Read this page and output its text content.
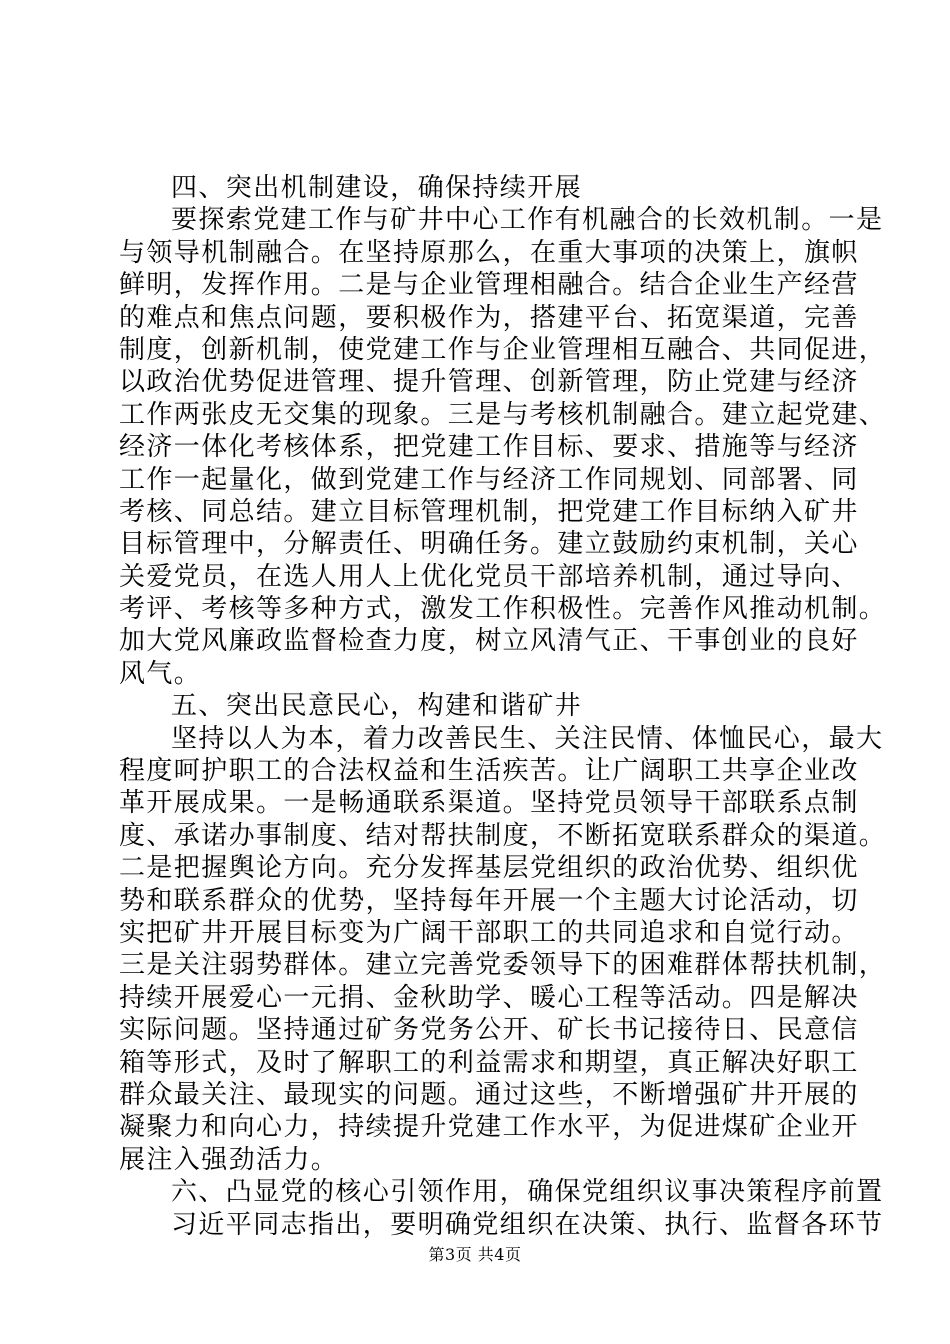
四、突出机制建设，确保持续开展
要探索党建工作与矿井中心工作有机融合的长效机制。一是
与领导机制融合。在坚持原那么，在重大事项的决策上，旗帜
鲜明，发挥作用。二是与企业管理相融合。结合企业生产经营
的难点和焦点问题，要积极作为，搭建平台、拓宽渠道，完善
制度，创新机制，使党建工作与企业管理相互融合、共同促进，
以政治优势促进管理、提升管理、创新管理，防止党建与经济
工作两张皮无交集的现象。三是与考核机制融合。建立起党建、
经济一体化考核体系，把党建工作目标、要求、措施等与经济
工作一起量化，做到党建工作与经济工作同规划、同部署、同
考核、同总结。建立目标管理机制，把党建工作目标纳入矿井
目标管理中，分解责任、明确任务。建立鼓励约束机制，关心
关爱党员，在选人用人上优化党员干部培养机制，通过导向、
考评、考核等多种方式，激发工作积极性。完善作风推动机制。
加大党风廉政监督检查力度，树立风清气正、干事创业的良好
风气。
五、突出民意民心，构建和谐矿井
坚持以人为本，着力改善民生、关注民情、体恤民心，最大
程度呵护职工的合法权益和生活疾苦。让广阔职工共享企业改
革开展成果。一是畅通联系渠道。坚持党员领导干部联系点制
度、承诺办事制度、结对帮扶制度，不断拓宽联系群众的渠道。
二是把握舆论方向。充分发挥基层党组织的政治优势、组织优
势和联系群众的优势，坚持每年开展一个主题大讨论活动，切
实把矿井开展目标变为广阔干部职工的共同追求和自觉行动。
三是关注弱势群体。建立完善党委领导下的困难群体帮扶机制，
持续开展爱心一元捐、金秋助学、暖心工程等活动。四是解决
实际问题。坚持通过矿务党务公开、矿长书记接待日、民意信
箱等形式，及时了解职工的利益需求和期望，真正解决好职工
群众最关注、最现实的问题。通过这些，不断增强矿井开展的
凝聚力和向心力，持续提升党建工作水平，为促进煤矿企业开
展注入强劲活力。
六、凸显党的核心引领作用，确保党组织议事决策程序前置
习近平同志指出，要明确党组织在决策、执行、监督各环节
第3页 共4页
